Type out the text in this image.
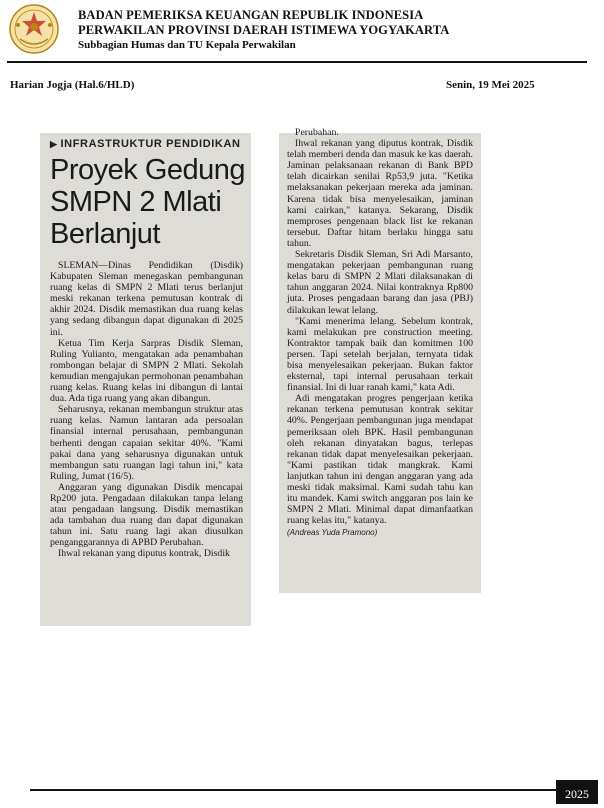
BADAN PEMERIKSA KEUANGAN REPUBLIK INDONESIA
PERWAKILAN PROVINSI DAERAH ISTIMEWA YOGYAKARTA
Subbagian Humas dan TU Kepala Perwakilan
Harian Jogja (Hal.6/HLD)	Senin, 19 Mei 2025
▶ INFRASTRUKTUR PENDIDIKAN
Proyek Gedung SMPN 2 Mlati Berlanjut

SLEMAN—Dinas Pendidikan (Disdik) Kabupaten Sleman menegaskan pembangunan ruang kelas di SMPN 2 Mlati terus berlanjut meski rekanan terkena pemutusan kontrak di akhir 2024. Disdik memastikan dua ruang kelas yang sedang dibangun dapat digunakan di 2025 ini.

Ketua Tim Kerja Sarpras Disdik Sleman, Ruling Yulianto, mengatakan ada penambahan rombongan belajar di SMPN 2 Mlati. Sekolah kemudian mengajukan permohonan penambahan ruang kelas. Ruang kelas ini dibangun di lantai dua. Ada tiga ruang yang akan dibangun.

Seharusnya, rekanan membangun struktur atas ruang kelas. Namun lantaran ada persoalan finansial internal perusahaan, pembangunan berhenti dengan capaian sekitar 40%. "Kami pakai dana yang seharusnya digunakan untuk membangun satu ruangan lagi tahun ini," kata Ruling, Jumat (16/5).

Anggaran yang digunakan Disdik mencapai Rp200 juta. Pengadaan dilakukan tanpa lelang atau pengadaan langsung. Disdik memastikan ada tambahan dua ruang dan dapat digunakan tahun ini. Satu ruang lagi akan diusulkan penganggarannya di APBD Perubahan.

Ihwal rekanan yang diputus kontrak, Disdik

Perubahan.

Ihwal rekanan yang diputus kontrak, Disdik telah memberi denda dan masuk ke kas daerah. Jaminan pelaksanaan rekanan di Bank BPD telah dicairkan senilai Rp53,9 juta. "Ketika melaksanakan pekerjaan mereka ada jaminan. Karena tidak bisa menyelesaikan, jaminan kami cairkan," katanya. Sekarang, Disdik memproses pengenaan black list ke rekanan tersebut. Daftar hitam berlaku hingga satu tahun.

Sekretaris Disdik Sleman, Sri Adi Marsanto, mengatakan pekerjaan pembangunan ruang kelas baru di SMPN 2 Mlati dilaksanakan di tahun anggaran 2024. Nilai kontraknya Rp800 juta. Proses pengadaan barang dan jasa (PBJ) dilakukan lewat lelang.

"Kami menerima lelang. Sebelum kontrak, kami melakukan pre construction meeting. Kontraktor tampak baik dan komitmen 100 persen. Tapi setelah berjalan, ternyata tidak bisa menyelesaikan pekerjaan. Bukan faktor eksternal, tapi internal perusahaan terkait finansial. Ini di luar ranah kami," kata Adi.

Adi mengatakan progres pengerjaan ketika rekanan terkena pemutusan kontrak sekitar 40%. Pengerjaan pembangunan juga mendapat pemeriksaan oleh BPK. Hasil pembangunan oleh rekanan dinyatakan bagus, terlepas rekanan tidak dapat menyelesaikan pekerjaan. "Kami pastikan tidak mangkrak. Kami lanjutkan tahun ini dengan anggaran yang ada meski tidak maksimal. Kami sudah tahu kan itu mandek. Kami switch anggaran pos lain ke SMPN 2 Mlati. Minimal dapat dimanfaatkan ruang kelas itu," katanya.

(Andreas Yuda Pramono)
2025
